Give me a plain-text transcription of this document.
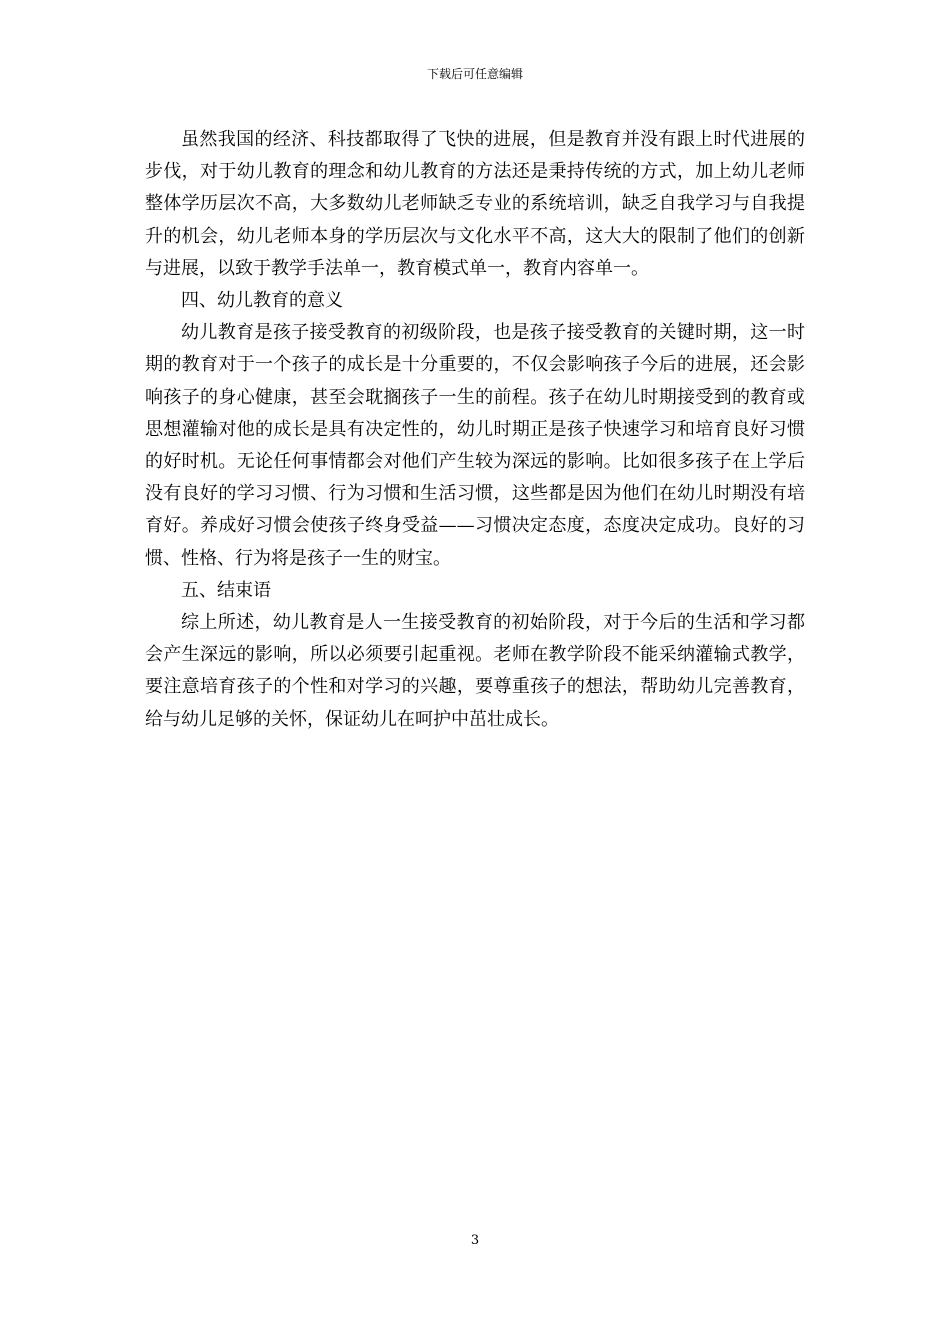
下载后可任意编辑

虽然我国的经济、科技都取得了飞快的进展，但是教育并没有跟上时代进展的步伐，对于幼儿教育的理念和幼儿教育的方法还是秉持传统的方式，加上幼儿老师整体学历层次不高，大多数幼儿老师缺乏专业的系统培训，缺乏自我学习与自我提升的机会，幼儿老师本身的学历层次与文化水平不高，这大大的限制了他们的创新与进展，以致于教学手法单一，教育模式单一，教育内容单一。

四、幼儿教育的意义

幼儿教育是孩子接受教育的初级阶段，也是孩子接受教育的关键时期，这一时期的教育对于一个孩子的成长是十分重要的，不仅会影响孩子今后的进展，还会影响孩子的身心健康，甚至会耽搁孩子一生的前程。孩子在幼儿时期接受到的教育或思想灌输对他的成长是具有决定性的，幼儿时期正是孩子快速学习和培育良好习惯的好时机。无论任何事情都会对他们产生较为深远的影响。比如很多孩子在上学后没有良好的学习习惯、行为习惯和生活习惯，这些都是因为他们在幼儿时期没有培育好。养成好习惯会使孩子终身受益——习惯决定态度，态度决定成功。良好的习惯、性格、行为将是孩子一生的财宝。

五、结束语

综上所述，幼儿教育是人一生接受教育的初始阶段，对于今后的生活和学习都会产生深远的影响，所以必须要引起重视。老师在教学阶段不能采纳灌输式教学，要注意培育孩子的个性和对学习的兴趣，要尊重孩子的想法，帮助幼儿完善教育，给与幼儿足够的关怀，保证幼儿在呵护中茁壮成长。

3
